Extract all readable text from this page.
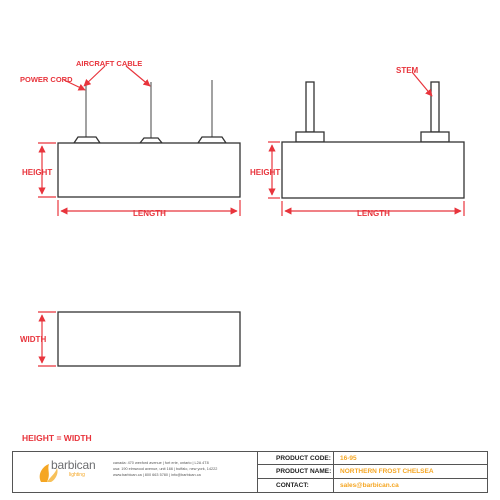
POWER CORD
AIRCRAFT CABLE
HEIGHT
LENGTH
STEM
HEIGHT
LENGTH
WIDTH
HEIGHT = WIDTH
barbican
lighting
canada: 470 wexford avenue | fort erie, ontario | L2A 4T8
usa: 190 elmwood avenue, unit 166 | buffalo, new york, 14222
www.barbican.ca | 800 663 5780 | info@barbican.ca
PRODUCT CODE: 16-95
PRODUCT NAME: NORTHERN FROST CHELSEA
CONTACT:	sales@barbican.ca
